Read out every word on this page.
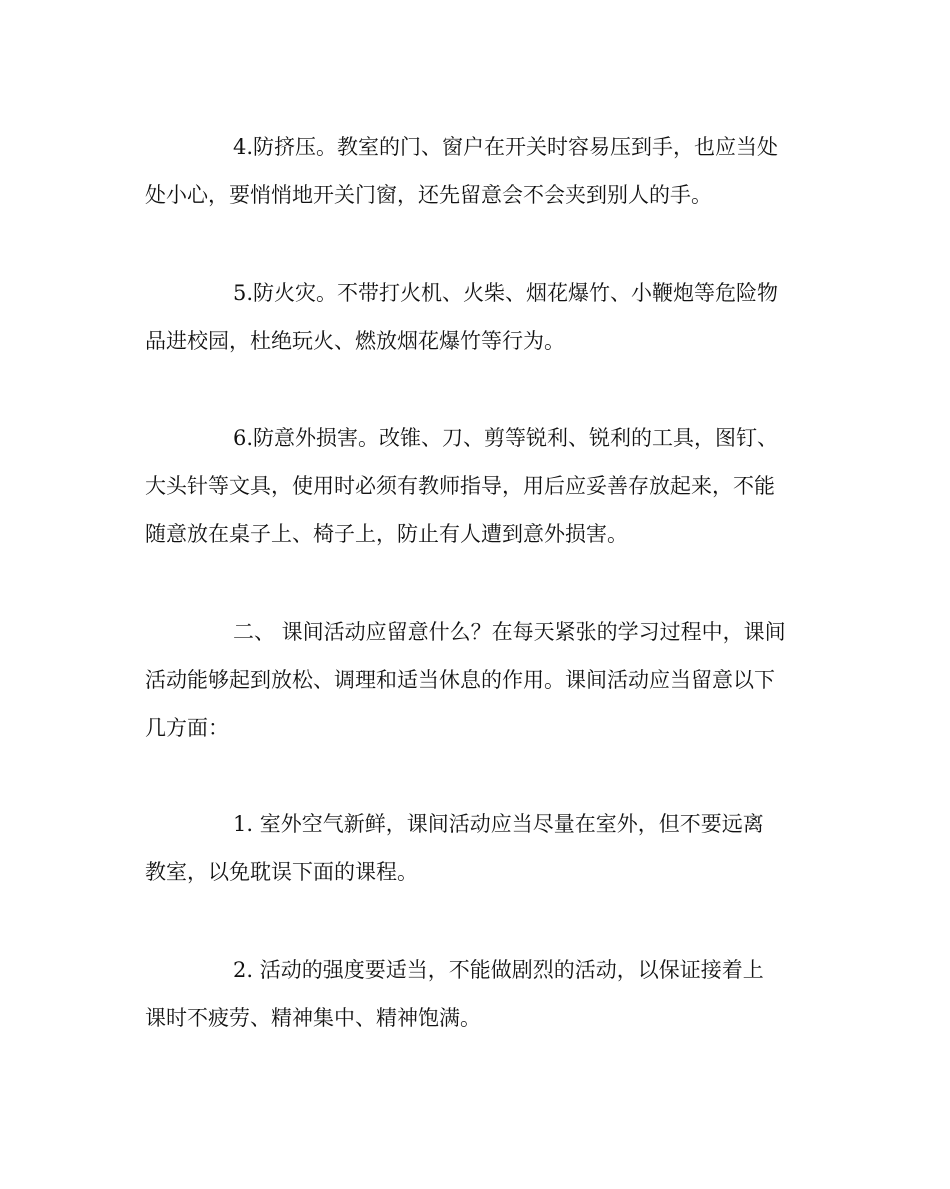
4.防挤压。教室的门、窗户在开关时容易压到手，也应当处
处小心，要悄悄地开关门窗，还先留意会不会夹到别人的手。
5.防火灾。不带打火机、火柴、烟花爆竹、小鞭炮等危险物
品进校园，杜绝玩火、燃放烟花爆竹等行为。
6.防意外损害。改锥、刀、剪等锐利、锐利的工具，图钉、
大头针等文具，使用时必须有教师指导，用后应妥善存放起来，不能
随意放在桌子上、椅子上，防止有人遭到意外损害。
二、 课间活动应留意什么？在每天紧张的学习过程中，课间
活动能够起到放松、调理和适当休息的作用。课间活动应当留意以下
几方面：
1. 室外空气新鲜，课间活动应当尽量在室外，但不要远离
教室，以免耽误下面的课程。
2. 活动的强度要适当，不能做剧烈的活动，以保证接着上
课时不疲劳、精神集中、精神饱满。
